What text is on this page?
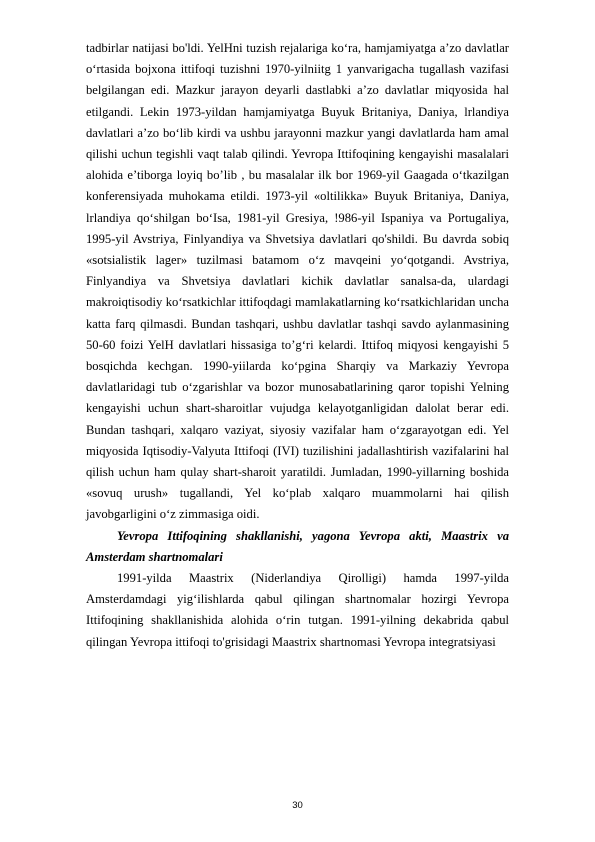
tadbirlar natijasi bo'ldi. YelHni tuzish rejalariga ko‘ra, hamjamiyatga a’zo davlatlar o‘rtasida bojxona ittifoqi tuzishni 1970-yilniitg 1 yanvarigacha tugallash vazifasi belgilangan edi. Mazkur jarayon deyarli dastlabki a’zo davlatlar miqyosida hal etilgandi. Lekin 1973-yildan hamjamiyatga Buyuk Britaniya, Daniya, lrlandiya davlatlari a’zo bo‘lib kirdi va ushbu jarayonni mazkur yangi davlatlarda ham amal qilishi uchun tegishli vaqt talab qilindi. Yevropa Ittifoqining kengayishi masalalari alohida e’tiborga loyiq bo’lib , bu masalalar ilk bor 1969-yil Gaagada o‘tkazilgan konferensiyada muhokama etildi. 1973-yil «oltilikka» Buyuk Britaniya, Daniya, lrlandiya qo‘shilgan bo‘Isa, 1981-yil Gresiya, !986-yil Ispaniya va Portugaliya, 1995-yil Avstriya, Finlyandiya va Shvetsiya davlatlari qo'shildi. Bu davrda sobiq «sotsialistik lager» tuzilmasi batamom o‘z mavqeini yo‘qotgandi. Avstriya, Finlyandiya va Shvetsiya davlatlari kichik davlatlar sanalsa-da, ulardagi makroiqtisodiy ko‘rsatkichlar ittifoqdagi mamlakatlarning ko‘rsatkichlaridan uncha katta farq qilmasdi. Bundan tashqari, ushbu davlatlar tashqi savdo aylanmasining 50-60 foizi YelH davlatlari hissasiga to’g‘ri kelardi. Ittifoq miqyosi kengayishi 5 bosqichda kechgan. 1990-yiilarda ko‘pgina Sharqiy va Markaziy Yevropa davlatlaridagi tub o‘zgarishlar va bozor munosabatlarining qaror topishi Yelning kengayishi uchun shart-sharoitlar vujudga kelayotganligidan dalolat berar edi. Bundan tashqari, xalqaro vaziyat, siyosiy vazifalar ham o‘zgarayotgan edi. Yel miqyosida Iqtisodiy-Valyuta Ittifoqi (IVI) tuzilishini jadallashtirish vazifalarini hal qilish uchun ham qulay shart-sharoit yaratildi. Jumladan, 1990-yillarning boshida «sovuq urush» tugallandi, Yel ko‘plab xalqaro muammolarni hai qilish javobgarligini o‘z zimmasiga oidi.

Yevropa Ittifoqining shakllanishi, yagona Yevropa akti, Maastrix va Amsterdam shartnomalari

1991-yilda Maastrix (Niderlandiya Qirolligi) hamda 1997-yilda Amsterdamdagi yig‘ilishlarda qabul qilingan shartnomalar hozirgi Yevropa Ittifoqining shakllanishida alohida o‘rin tutgan. 1991-yilning dekabrida qabul qilingan Yevropa ittifoqi to'grisidagi Maastrix shartnomasi Yevropa integratsiyasi

30
